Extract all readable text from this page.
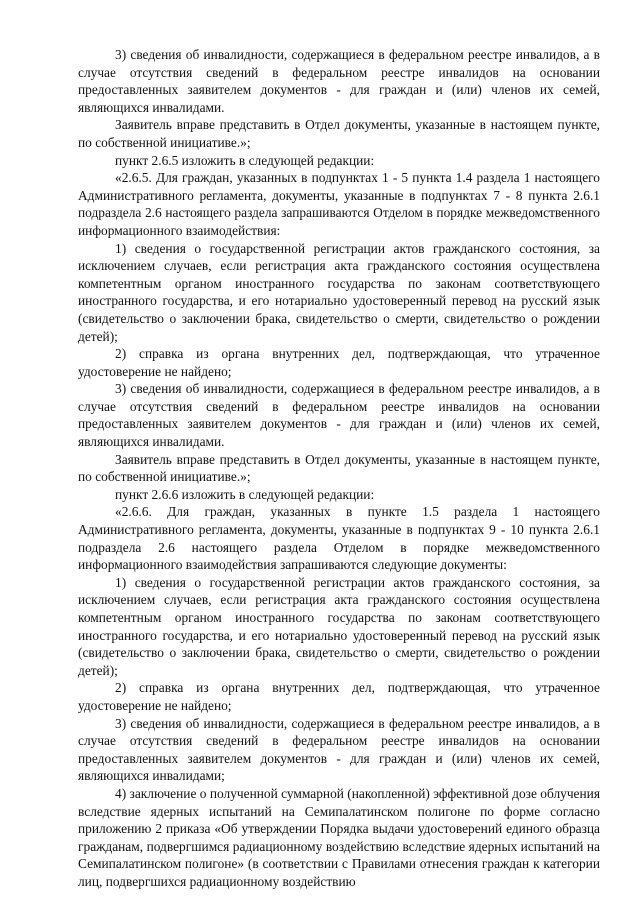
3) сведения об инвалидности, содержащиеся в федеральном реестре инвалидов, а в случае отсутствия сведений в федеральном реестре инвалидов на основании предоставленных заявителем документов - для граждан и (или) членов их семей, являющихся инвалидами.

Заявитель вправе представить в Отдел документы, указанные в настоящем пункте, по собственной инициативе.»;

пункт 2.6.5 изложить в следующей редакции:

«2.6.5. Для граждан, указанных в подпунктах 1 - 5 пункта 1.4 раздела 1 настоящего Административного регламента, документы, указанные в подпунктах 7 - 8 пункта 2.6.1 подраздела 2.6 настоящего раздела запрашиваются Отделом в порядке межведомственного информационного взаимодействия:

1) сведения о государственной регистрации актов гражданского состояния, за исключением случаев, если регистрация акта гражданского состояния осуществлена компетентным органом иностранного государства по законам соответствующего иностранного государства, и его нотариально удостоверенный перевод на русский язык (свидетельство о заключении брака, свидетельство о смерти, свидетельство о рождении детей);

2) справка из органа внутренних дел, подтверждающая, что утраченное удостоверение не найдено;

3) сведения об инвалидности, содержащиеся в федеральном реестре инвалидов, а в случае отсутствия сведений в федеральном реестре инвалидов на основании предоставленных заявителем документов - для граждан и (или) членов их семей, являющихся инвалидами.

Заявитель вправе представить в Отдел документы, указанные в настоящем пункте, по собственной инициативе.»;

пункт 2.6.6 изложить в следующей редакции:

«2.6.6. Для граждан, указанных в пункте 1.5 раздела 1 настоящего Административного регламента, документы, указанные в подпунктах 9 - 10 пункта 2.6.1 подраздела 2.6 настоящего раздела Отделом в порядке межведомственного информационного взаимодействия запрашиваются следующие документы:

1) сведения о государственной регистрации актов гражданского состояния, за исключением случаев, если регистрация акта гражданского состояния осуществлена компетентным органом иностранного государства по законам соответствующего иностранного государства, и его нотариально удостоверенный перевод на русский язык (свидетельство о заключении брака, свидетельство о смерти, свидетельство о рождении детей);

2) справка из органа внутренних дел, подтверждающая, что утраченное удостоверение не найдено;

3) сведения об инвалидности, содержащиеся в федеральном реестре инвалидов, а в случае отсутствия сведений в федеральном реестре инвалидов на основании предоставленных заявителем документов - для граждан и (или) членов их семей, являющихся инвалидами;

4) заключение о полученной суммарной (накопленной) эффективной дозе облучения вследствие ядерных испытаний на Семипалатинском полигоне по форме согласно приложению 2 приказа «Об утверждении Порядка выдачи удостоверений единого образца гражданам, подвергшимся радиационному воздействию вследствие ядерных испытаний на Семипалатинском полигоне» (в соответствии с Правилами отнесения граждан к категории лиц, подвергшихся радиационному воздействию
